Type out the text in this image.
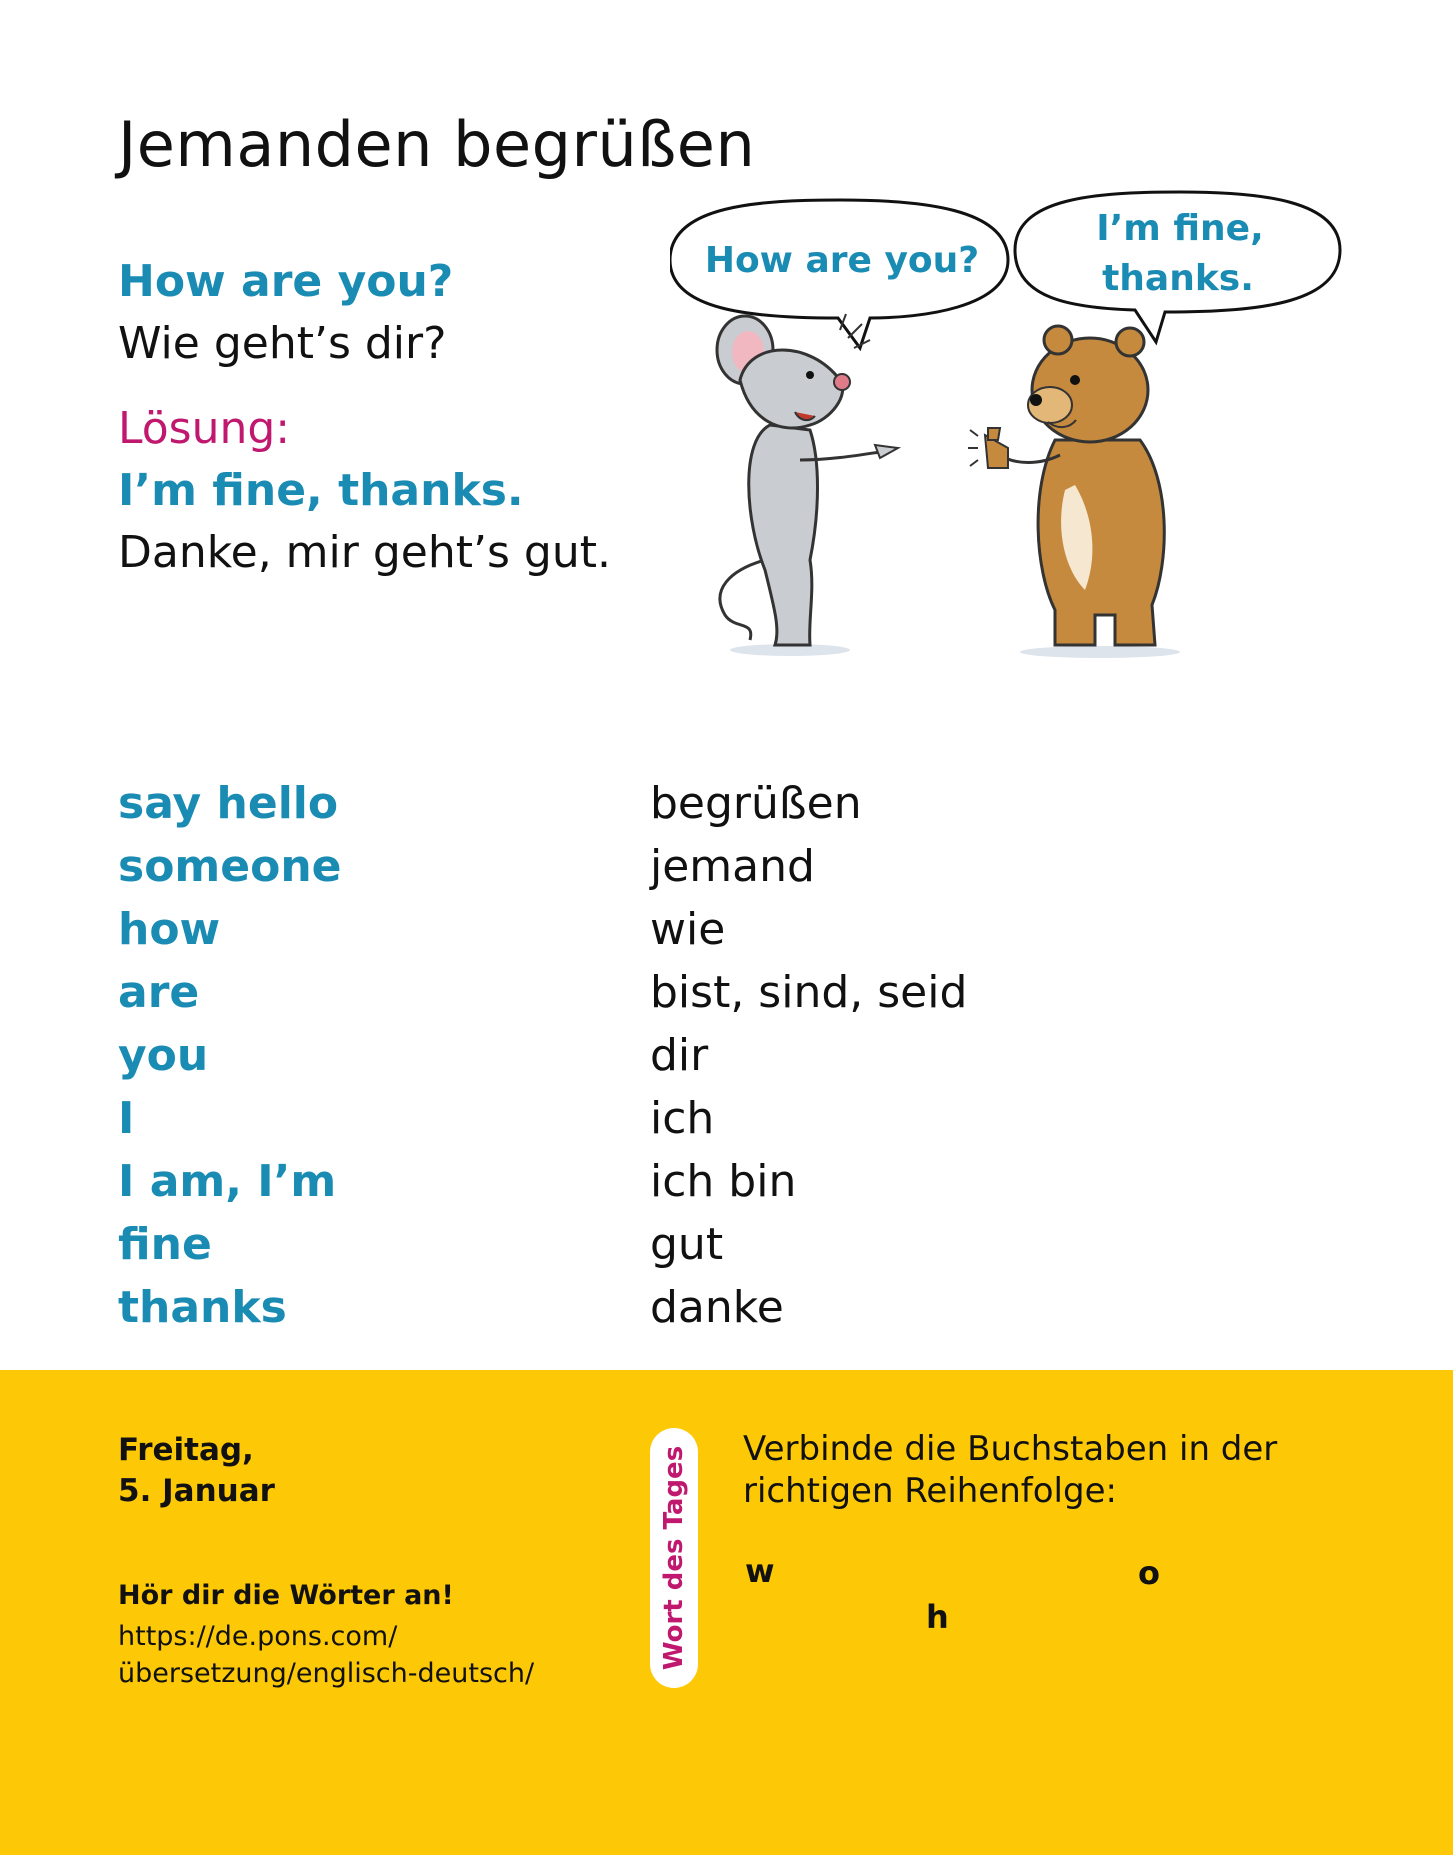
Jemanden begrüßen
How are you?
Wie geht’s dir?
Lösung:
I’m fine, thanks.
Danke, mir geht’s gut.
How are you?
I’m fine,
thanks.
say hello	begrüßen
someone	jemand
how	wie
are	bist, sind, seid
you	dir
I	ich
I am, I’m	ich bin
fine	gut
thanks	danke
Freitag,
5. Januar
Hör dir die Wörter an!
https://de.pons.com/
übersetzung/englisch-deutsch/
Wort des Tages Verbinde die Buchstaben in der
richtigen Reihenfolge:
w
h
o
